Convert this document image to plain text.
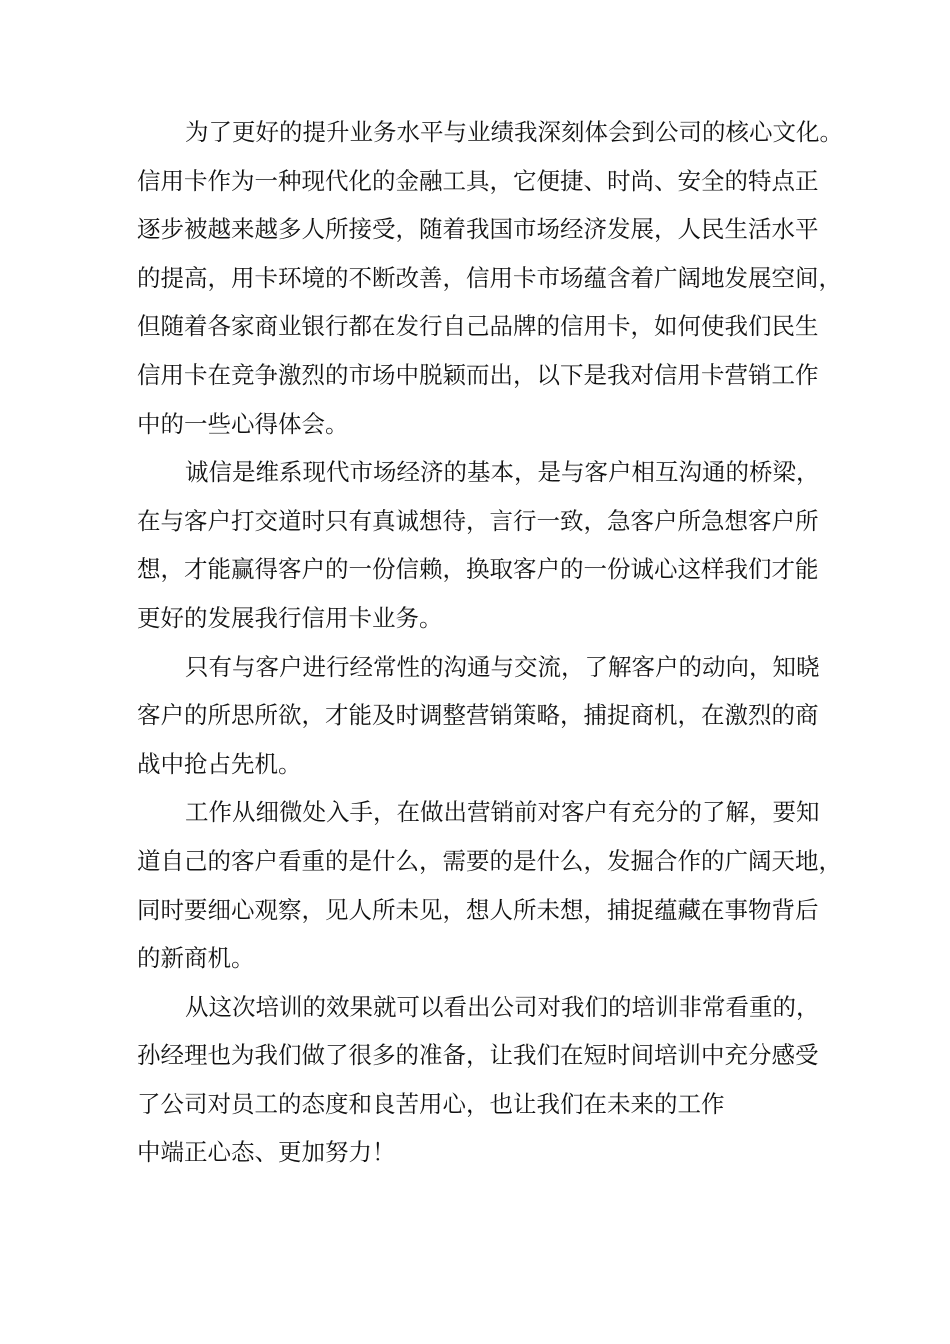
为了更好的提升业务水平与业绩我深刻体会到公司的核心文化。
信用卡作为一种现代化的金融工具，它便捷、时尚、安全的特点正
逐步被越来越多人所接受，随着我国市场经济发展，人民生活水平
的提高，用卡环境的不断改善，信用卡市场蕴含着广阔地发展空间，
但随着各家商业银行都在发行自己品牌的信用卡，如何使我们民生
信用卡在竞争激烈的市场中脱颖而出，以下是我对信用卡营销工作
中的一些心得体会。
诚信是维系现代市场经济的基本，是与客户相互沟通的桥梁，
在与客户打交道时只有真诚想待，言行一致，急客户所急想客户所
想，才能赢得客户的一份信赖，换取客户的一份诚心这样我们才能
更好的发展我行信用卡业务。
只有与客户进行经常性的沟通与交流，了解客户的动向，知晓
客户的所思所欲，才能及时调整营销策略，捕捉商机，在激烈的商
战中抢占先机。
工作从细微处入手，在做出营销前对客户有充分的了解，要知
道自己的客户看重的是什么，需要的是什么，发掘合作的广阔天地，
同时要细心观察，见人所未见，想人所未想，捕捉蕴藏在事物背后
的新商机。
从这次培训的效果就可以看出公司对我们的培训非常看重的，
孙经理也为我们做了很多的准备，让我们在短时间培训中充分感受
了公司对员工的态度和良苦用心，也让我们在未来的工作
中端正心态、更加努力！
